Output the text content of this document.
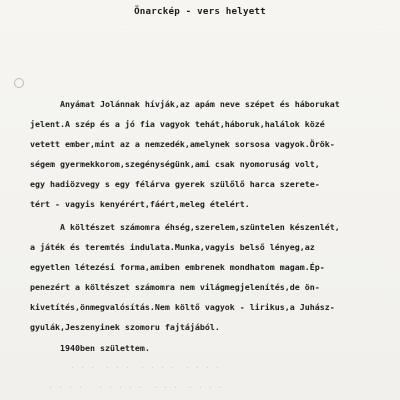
Önarckép - vers helyett
Anyámat Jolánnak hívják,az apám neve szépet és háborukat
jelent.A szép és a jó fia vagyok tehát,háboruk,halálok közé
vetett ember,mint az a nemzedék,amelynek sorsosa vagyok.Örök-
ségem gyermekkorom,szegénységünk,ami csak nyomoruság volt,
egy hadiözvegy s egy félárva gyerek szülőlő harca szerete-
tért - vagyis kenyérért,fáért,meleg ételért.
A költészet számomra éhség,szerelem,szüntelen készenlét,
a játék és teremtés indulata.Munka,vagyis belső lényeg,az
egyetlen létezési forma,amiben embrenek mondhatom magam.Ép-
penezért a költészet számomra nem világmegjelenítés,de ön-
kivetítés,önmegvalósítás.Nem költő vagyok - lirikus,a Juhász-
gyulák,Jeszenyinek szomoru fajtájából.
1940ben születtem.
· · ·  · · ·  · · · ·  · · · ·
· · · ·   · · · · ·  · · ·  · · · ·
